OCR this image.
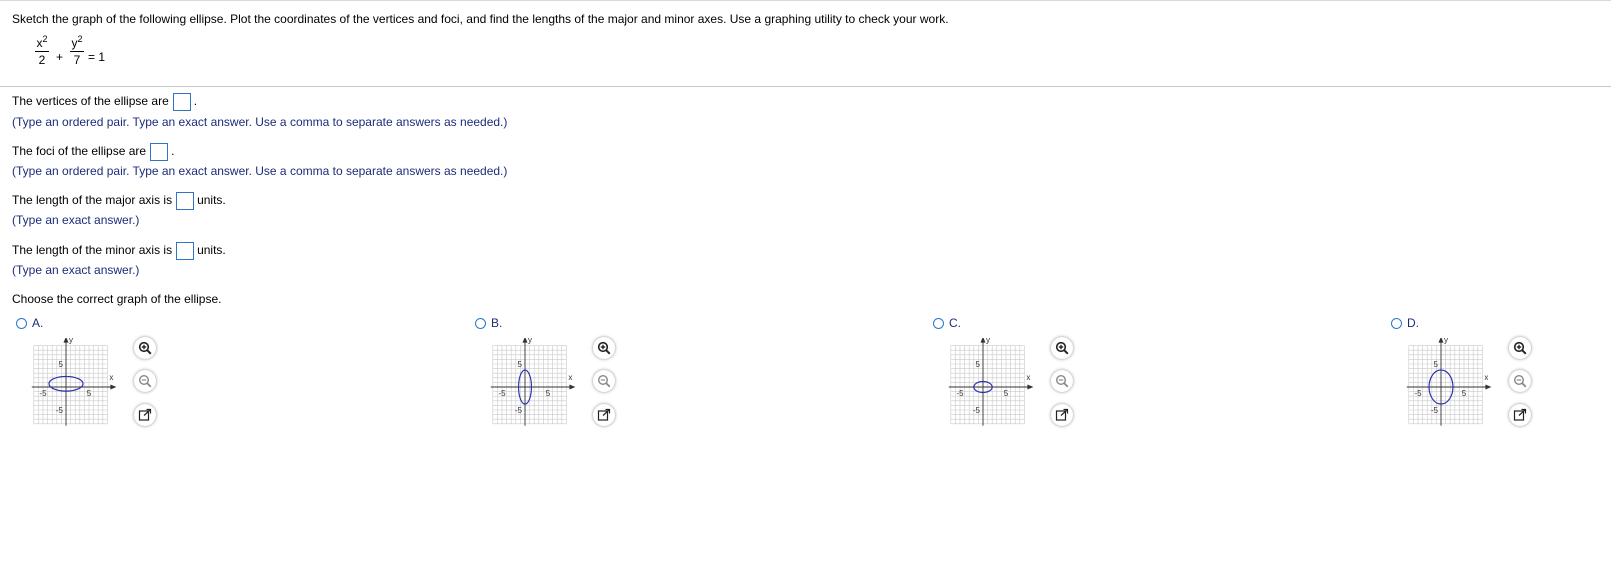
Sketch the graph of the following ellipse. Plot the coordinates of the vertices and foci, and find the lengths of the major and minor axes. Use a graphing utility to check your work.
$x^2$
2 +
$y^2$
7 = 1
The vertices of the ellipse are .
(Type an ordered pair. Type an exact answer. Use a comma to separate answers as needed.)
The foci of the ellipse are .
(Type an ordered pair. Type an exact answer. Use a comma to separate answers as needed.)
The length of the major axis is units.
(Type an exact answer.)
The length of the minor axis is units.
(Type an exact answer.)
Choose the correct graph of the ellipse.
A.
y
x
5
-5
5
-5
B.
y
x
5
-5
5
-5
C.
y
x
5
-5
5
-5
D.
y
x
5
-5
5
-5
